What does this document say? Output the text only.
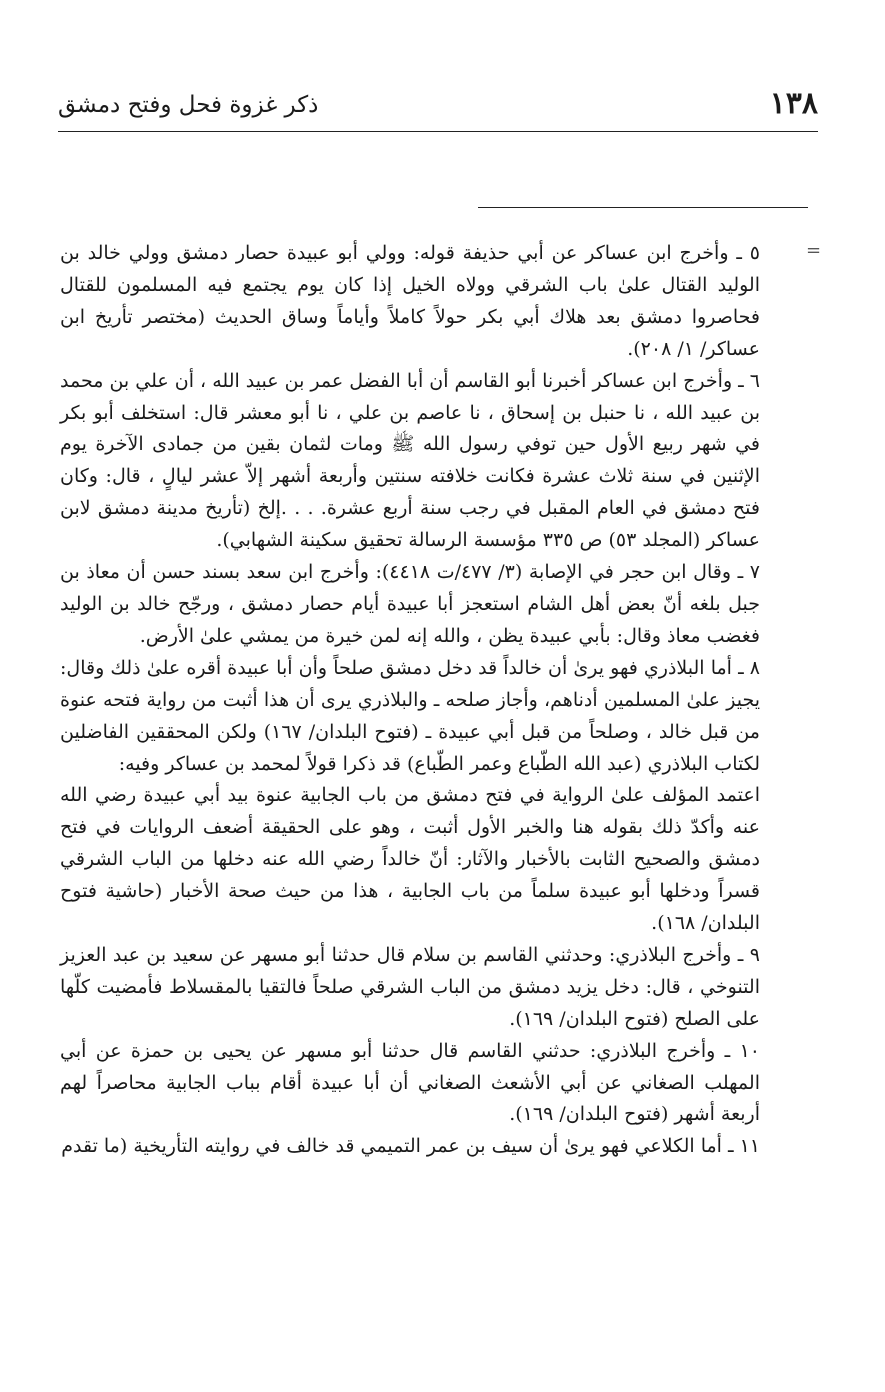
١٣٨
ذكر غزوة فحل وفتح دمشق
=

٥ ـ وأخرج ابن عساكر عن أبي حذيفة قوله: وولي أبو عبيدة حصار دمشق وولي خالد بن الوليد القتال علىٰ باب الشرقي وولاه الخيل إذا كان يوم يجتمع فيه المسلمون للقتال فحاصروا دمشق بعد هلاك أبي بكر حولاً كاملاً وأياماً وساق الحديث (مختصر تأريخ ابن عساكر/ ١/ ٢٠٨).

٦ ـ وأخرج ابن عساكر أخبرنا أبو القاسم أن أبا الفضل عمر بن عبيد الله ، أن علي بن محمد بن عبيد الله ، نا حنبل بن إسحاق ، نا عاصم بن علي ، نا أبو معشر قال: استخلف أبو بكر في شهر ربيع الأول حين توفي رسول الله ﷺ ومات لثمان بقين من جمادى الآخرة يوم الإثنين في سنة ثلاث عشرة فكانت خلافته سنتين وأربعة أشهر إلاّ عشر ليالٍ ، قال: وكان فتح دمشق في العام المقبل في رجب سنة أربع عشرة. . . .إلخ (تأريخ مدينة دمشق لابن عساكر (المجلد ٥٣) ص ٣٣٥ مؤسسة الرسالة تحقيق سكينة الشهابي).

٧ ـ وقال ابن حجر في الإصابة (٣/ ٤٧٧/ت ٤٤١٨): وأخرج ابن سعد بسند حسن أن معاذ بن جبل بلغه أنّ بعض أهل الشام استعجز أبا عبيدة أيام حصار دمشق ، ورجّح خالد بن الوليد فغضب معاذ وقال: بأبي عبيدة يظن ، والله إنه لمن خيرة من يمشي علىٰ الأرض.

٨ ـ أما البلاذري فهو يرىٰ أن خالداً قد دخل دمشق صلحاً وأن أبا عبيدة أقره علىٰ ذلك وقال: يجيز علىٰ المسلمين أدناهم، وأجاز صلحه ـ والبلاذري يرى أن هذا أثبت من رواية فتحه عنوة من قبل خالد ، وصلحاً من قبل أبي عبيدة ـ (فتوح البلدان/ ١٦٧) ولكن المحققين الفاضلين لكتاب البلاذري (عبد الله الطّباع وعمر الطّباع) قد ذكرا قولاً لمحمد بن عساكر وفيه:

اعتمد المؤلف علىٰ الرواية في فتح دمشق من باب الجابية عنوة بيد أبي عبيدة رضي الله عنه وأكدّ ذلك بقوله هنا والخبر الأول أثبت ، وهو على الحقيقة أضعف الروايات في فتح دمشق والصحيح الثابت بالأخبار والآثار: أنّ خالداً رضي الله عنه دخلها من الباب الشرقي قسراً ودخلها أبو عبيدة سلماً من باب الجابية ، هذا من حيث صحة الأخبار (حاشية فتوح البلدان/ ١٦٨).

٩ ـ وأخرج البلاذري: وحدثني القاسم بن سلام قال حدثنا أبو مسهر عن سعيد بن عبد العزيز التنوخي ، قال: دخل يزيد دمشق من الباب الشرقي صلحاً فالتقيا بالمقسلاط فأمضيت كلّها على الصلح (فتوح البلدان/ ١٦٩).

١٠ ـ وأخرج البلاذري: حدثني القاسم قال حدثنا أبو مسهر عن يحيى بن حمزة عن أبي المهلب الصغاني عن أبي الأشعث الصغاني أن أبا عبيدة أقام بباب الجابية محاصراً لهم أربعة أشهر (فتوح البلدان/ ١٦٩).

١١ ـ أما الكلاعي فهو يرىٰ أن سيف بن عمر التميمي قد خالف في روايته التأريخية (ما تقدم
